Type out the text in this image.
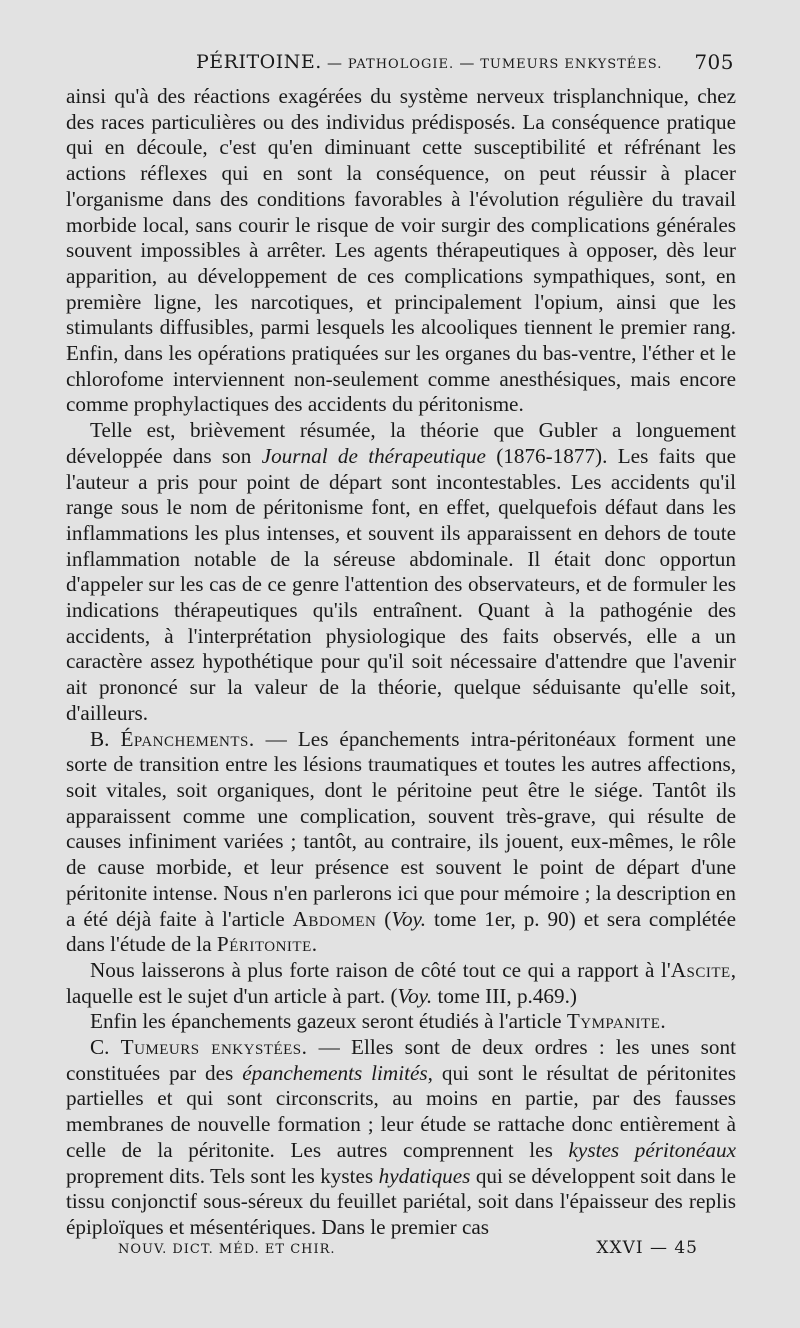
PÉRITOINE. — PATHOLOGIE. — TUMEURS ENKYSTÉES. 705

ainsi qu'à des réactions exagérées du système nerveux trisplanchnique, chez des races particulières ou des individus prédisposés. La conséquence pratique qui en découle, c'est qu'en diminuant cette susceptibilité et réfrénant les actions réflexes qui en sont la conséquence, on peut réussir à placer l'organisme dans des conditions favorables à l'évolution régulière du travail morbide local, sans courir le risque de voir surgir des complications générales souvent impossibles à arrêter. Les agents thérapeutiques à opposer, dès leur apparition, au développement de ces complications sympathiques, sont, en première ligne, les narcotiques, et principalement l'opium, ainsi que les stimulants diffusibles, parmi lesquels les alcooliques tiennent le premier rang. Enfin, dans les opérations pratiquées sur les organes du bas-ventre, l'éther et le chlorofome interviennent non-seulement comme anesthésiques, mais encore comme prophylactiques des accidents du péritonisme.

Telle est, brièvement résumée, la théorie que Gubler a longuement développée dans son Journal de thérapeutique (1876-1877). Les faits que l'auteur a pris pour point de départ sont incontestables. Les accidents qu'il range sous le nom de péritonisme font, en effet, quelquefois défaut dans les inflammations les plus intenses, et souvent ils apparaissent en dehors de toute inflammation notable de la séreuse abdominale. Il était donc opportun d'appeler sur les cas de ce genre l'attention des observateurs, et de formuler les indications thérapeutiques qu'ils entraînent. Quant à la pathogénie des accidents, à l'interprétation physiologique des faits observés, elle a un caractère assez hypothétique pour qu'il soit nécessaire d'attendre que l'avenir ait prononcé sur la valeur de la théorie, quelque séduisante qu'elle soit, d'ailleurs.

B. Épanchements. — Les épanchements intra-péritonéaux forment une sorte de transition entre les lésions traumatiques et toutes les autres affections, soit vitales, soit organiques, dont le péritoine peut être le siége. Tantôt ils apparaissent comme une complication, souvent très-grave, qui résulte de causes infiniment variées ; tantôt, au contraire, ils jouent, eux-mêmes, le rôle de cause morbide, et leur présence est souvent le point de départ d'une péritonite intense. Nous n'en parlerons ici que pour mémoire ; la description en a été déjà faite à l'article Abdomen (Voy. tome 1er, p. 90) et sera complétée dans l'étude de la Péritonite.

Nous laisserons à plus forte raison de côté tout ce qui a rapport à l'Ascite, laquelle est le sujet d'un article à part. (Voy. tome III, p.469.)

Enfin les épanchements gazeux seront étudiés à l'article Tympanite.

C. Tumeurs enkystées. — Elles sont de deux ordres : les unes sont constituées par des épanchements limités, qui sont le résultat de péritonites partielles et qui sont circonscrits, au moins en partie, par des fausses membranes de nouvelle formation ; leur étude se rattache donc entièrement à celle de la péritonite. Les autres comprennent les kystes péritonéaux proprement dits. Tels sont les kystes hydatiques qui se développent soit dans le tissu conjonctif sous-séreux du feuillet pariétal, soit dans l'épaisseur des replis épiploïques et mésentériques. Dans le premier cas

NOUV. DICT. MÉD. ET CHIR.	XXVI — 45
